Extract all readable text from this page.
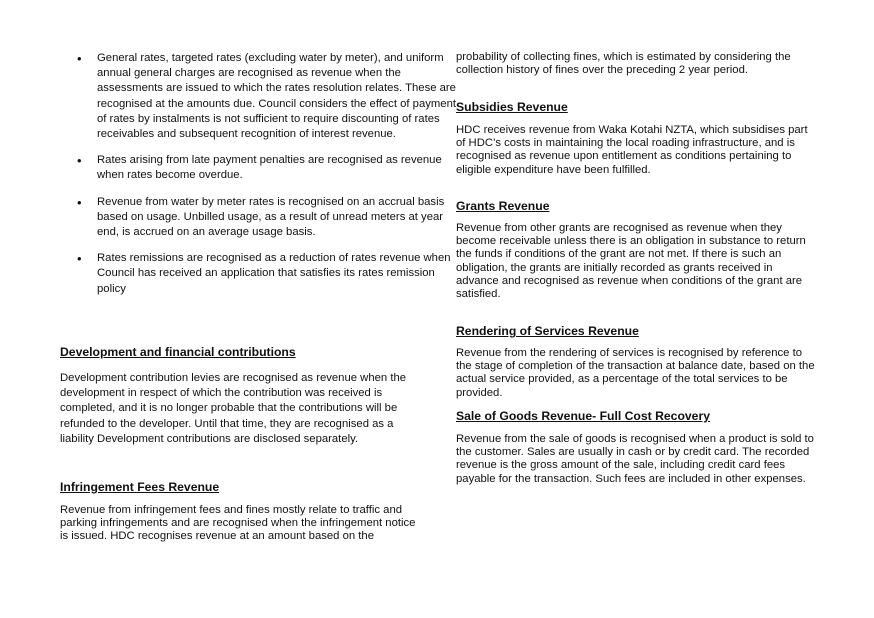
• General rates, targeted rates (excluding water by meter), and uniform annual general charges are recognised as revenue when the assessments are issued to which the rates resolution relates. These are recognised at the amounts due. Council considers the effect of payment of rates by instalments is not sufficient to require discounting of rates receivables and subsequent recognition of interest revenue.
• Rates arising from late payment penalties are recognised as revenue when rates become overdue.
• Revenue from water by meter rates is recognised on an accrual basis based on usage. Unbilled usage, as a result of unread meters at year end, is accrued on an average usage basis.
• Rates remissions are recognised as a reduction of rates revenue when Council has received an application that satisfies its rates remission policy
Development and financial contributions

Development contribution levies are recognised as revenue when the development in respect of which the contribution was received is completed, and it is no longer probable that the contributions will be refunded to the developer. Until that time, they are recognised as a liability Development contributions are disclosed separately.

Infringement Fees Revenue

Revenue from infringement fees and fines mostly relate to traffic and parking infringements and are recognised when the infringement notice is issued. HDC recognises revenue at an amount based on the

probability of collecting fines, which is estimated by considering the collection history of fines over the preceding 2 year period.

Subsidies Revenue

HDC receives revenue from Waka Kotahi NZTA, which subsidises part of HDC’s costs in maintaining the local roading infrastructure, and is recognised as revenue upon entitlement as conditions pertaining to eligible expenditure have been fulfilled.

Grants Revenue

Revenue from other grants are recognised as revenue when they become receivable unless there is an obligation in substance to return the funds if conditions of the grant are not met. If there is such an obligation, the grants are initially recorded as grants received in advance and recognised as revenue when conditions of the grant are satisfied.

Rendering of Services Revenue

Revenue from the rendering of services is recognised by reference to the stage of completion of the transaction at balance date, based on the actual service provided, as a percentage of the total services to be provided.

Sale of Goods Revenue- Full Cost Recovery

Revenue from the sale of goods is recognised when a product is sold to the customer. Sales are usually in cash or by credit card. The recorded revenue is the gross amount of the sale, including credit card fees payable for the transaction. Such fees are included in other expenses.
